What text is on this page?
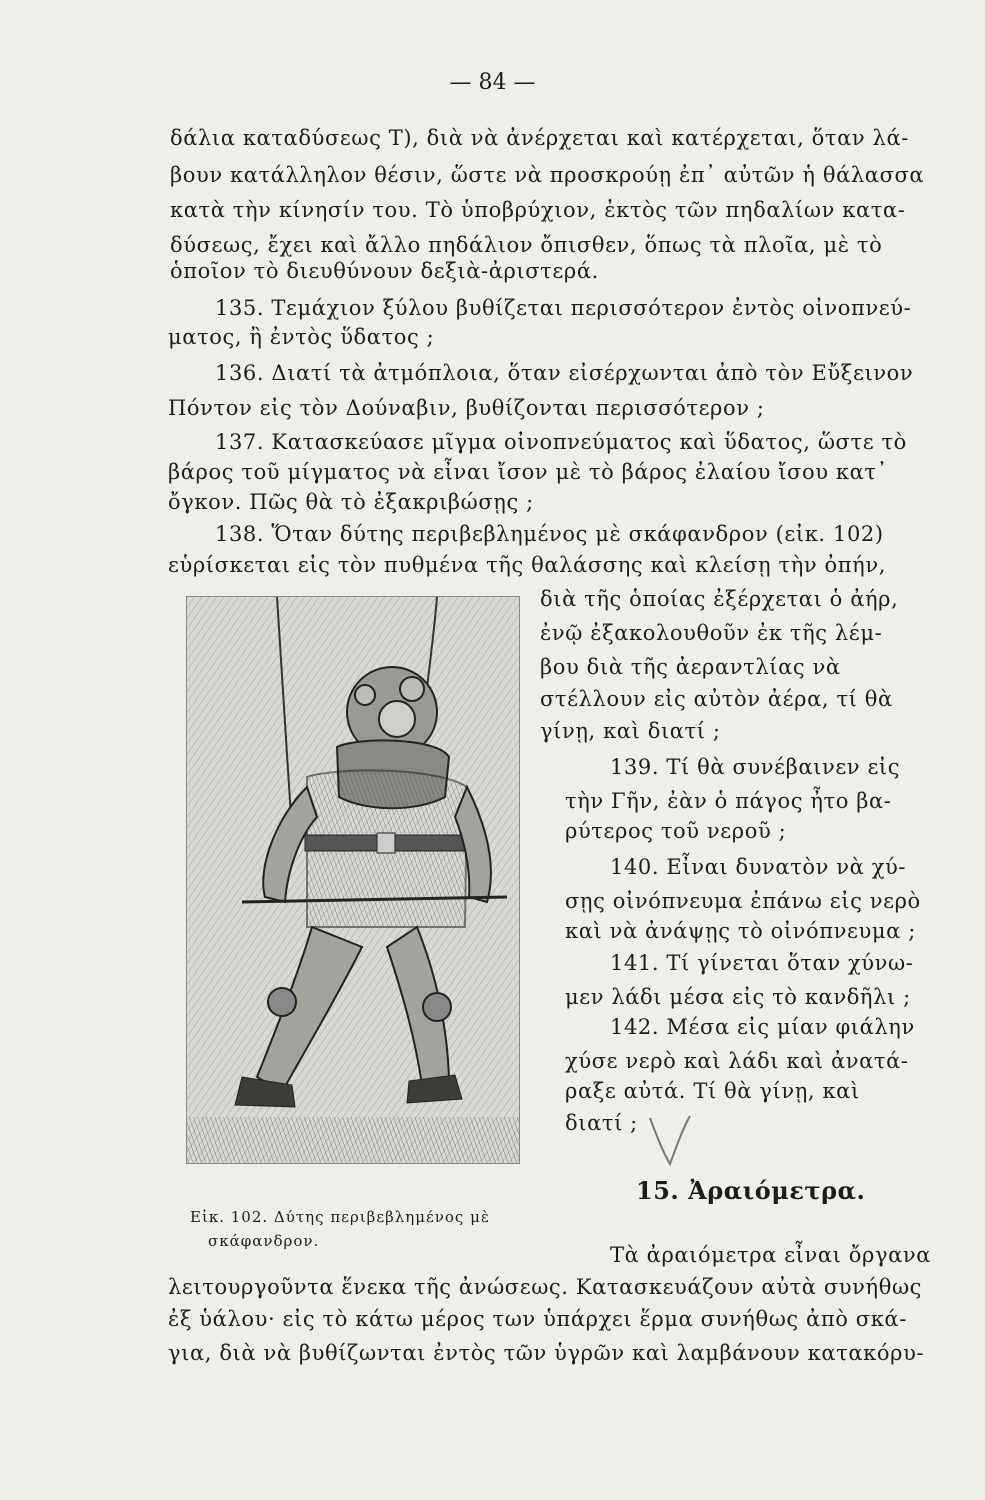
— 84 —
δάλια καταδύσεως Τ), διὰ νὰ ἀνέρχεται καὶ κατέρχεται, ὅταν λά-
βουν κατάλληλον θέσιν, ὥστε νὰ προσκρούῃ ἐπ᾽ αὐτῶν ἡ θάλασσα
κατὰ τὴν κίνησίν του. Τὸ ὑποβρύχιον, ἐκτὸς τῶν πηδαλίων κατα-
δύσεως, ἔχει καὶ ἄλλο πηδάλιον ὄπισθεν, ὅπως τὰ πλοῖα, μὲ τὸ
ὁποῖον τὸ διευθύνουν δεξιὰ-ἀριστερά.
135. Τεμάχιον ξύλου βυθίζεται περισσότερον ἐντὸς οἰνοπνεύ-
ματος, ἢ ἐντὸς ὕδατος ;
136. Διατί τὰ ἀτμόπλοια, ὅταν εἰσέρχωνται ἀπὸ τὸν Εὔξεινον
Πόντον εἰς τὸν Δούναβιν, βυθίζονται περισσότερον ;
137. Κατασκεύασε μῖγμα οἰνοπνεύματος καὶ ὕδατος, ὥστε τὸ
βάρος τοῦ μίγματος νὰ εἶναι ἴσον μὲ τὸ βάρος ἐλαίου ἴσου κατ᾽
ὄγκον. Πῶς θὰ τὸ ἐξακριβώσῃς ;
138. Ὅταν δύτης περιβεβλημένος μὲ σκάφανδρον (εἰκ. 102)
εὑρίσκεται εἰς τὸν πυθμένα τῆς θαλάσσης καὶ κλείσῃ τὴν ὀπήν,
διὰ τῆς ὁποίας ἐξέρχεται ὁ ἀήρ,
ἐνῷ ἐξακολουθοῦν ἐκ τῆς λέμ-
βου διὰ τῆς ἀεραντλίας νὰ
στέλλουν εἰς αὐτὸν ἀέρα, τί θὰ
γίνῃ, καὶ διατί ;
139. Τί θὰ συνέβαινεν εἰς
τὴν Γῆν, ἐὰν ὁ πάγος ἦτο βα-
ρύτερος τοῦ νεροῦ ;
140. Εἶναι δυνατὸν νὰ χύ-
σῃς οἰνόπνευμα ἐπάνω εἰς νερὸ
καὶ νὰ ἀνάψῃς τὸ οἰνόπνευμα ;
141. Τί γίνεται ὅταν χύνω-
μεν λάδι μέσα εἰς τὸ κανδῆλι ;
142. Μέσα εἰς μίαν φιάλην
χύσε νερὸ καὶ λάδι καὶ ἀνατά-
ραξε αὐτά. Τί θὰ γίνῃ, καὶ
διατί ;
Εἰκ. 102. Δύτης περιβεβλημένος μὲ
σκάφανδρον.
15. Ἀραιόμετρα.
Τὰ ἀραιόμετρα εἶναι ὄργανα
λειτουργοῦντα ἕνεκα τῆς ἀνώσεως. Κατασκευάζουν αὐτὰ συνήθως
ἐξ ὑάλου· εἰς τὸ κάτω μέρος των ὑπάρχει ἕρμα συνήθως ἀπὸ σκά-
για, διὰ νὰ βυθίζωνται ἐντὸς τῶν ὑγρῶν καὶ λαμβάνουν κατακόρυ-
